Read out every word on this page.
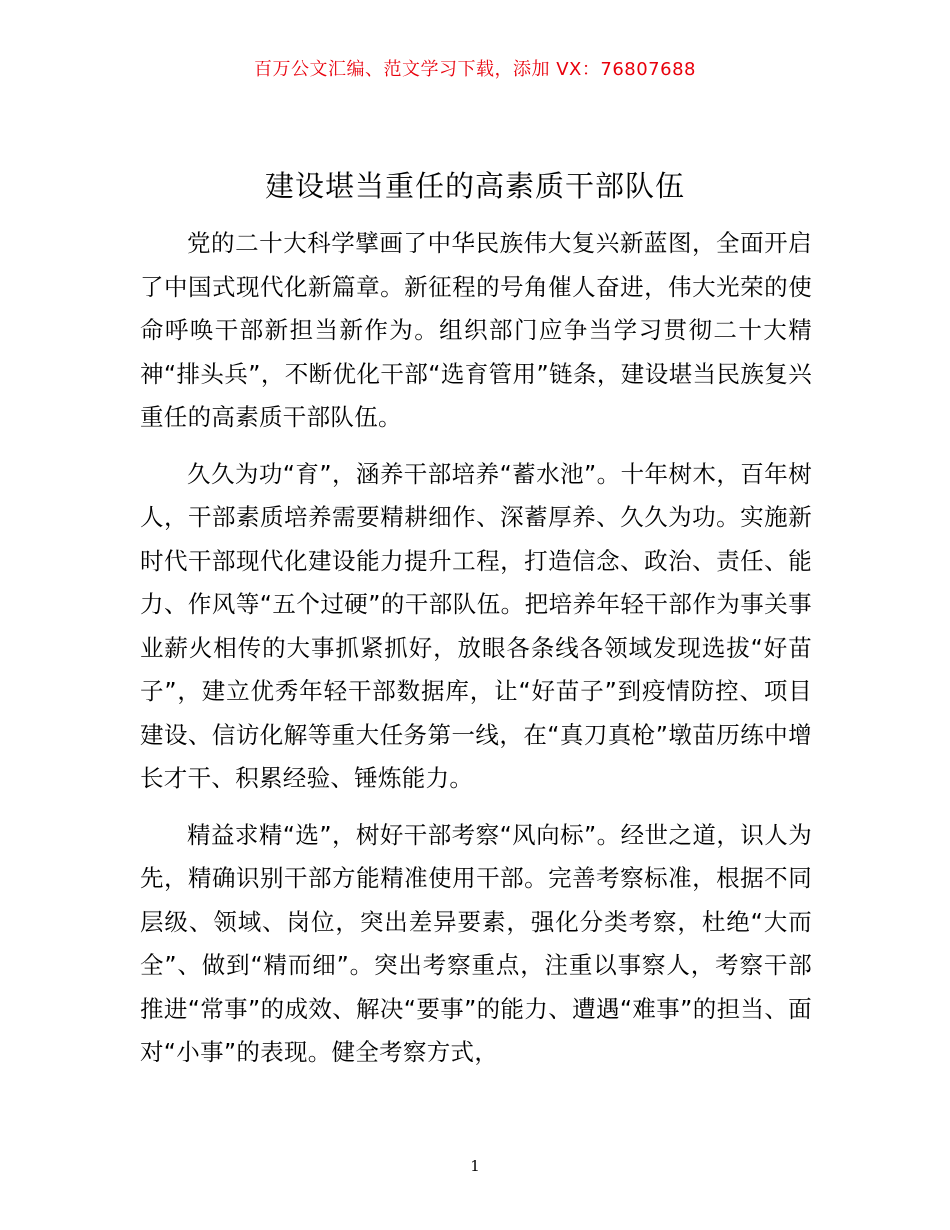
百万公文汇编、范文学习下载，添加 VX：76807688
建设堪当重任的高素质干部队伍

党的二十大科学擘画了中华民族伟大复兴新蓝图，全面开启了中国式现代化新篇章。新征程的号角催人奋进，伟大光荣的使命呼唤干部新担当新作为。组织部门应争当学习贯彻二十大精神“排头兵”，不断优化干部“选育管用”链条，建设堪当民族复兴重任的高素质干部队伍。

久久为功“育”，涵养干部培养“蓄水池”。十年树木，百年树人，干部素质培养需要精耕细作、深蓄厚养、久久为功。实施新时代干部现代化建设能力提升工程，打造信念、政治、责任、能力、作风等“五个过硬”的干部队伍。把培养年轻干部作为事关事业薪火相传的大事抓紧抓好，放眼各条线各领域发现选拔“好苗子”，建立优秀年轻干部数据库，让“好苗子”到疫情防控、项目建设、信访化解等重大任务第一线，在“真刀真枪”墩苗历练中增长才干、积累经验、锤炼能力。

精益求精“选”，树好干部考察“风向标”。经世之道，识人为先，精确识别干部方能精准使用干部。完善考察标准，根据不同层级、领域、岗位，突出差异要素，强化分类考察，杜绝“大而全”、做到“精而细”。突出考察重点，注重以事察人，考察干部推进“常事”的成效、解决“要事”的能力、遭遇“难事”的担当、面对“小事”的表现。健全考察方式，

1
